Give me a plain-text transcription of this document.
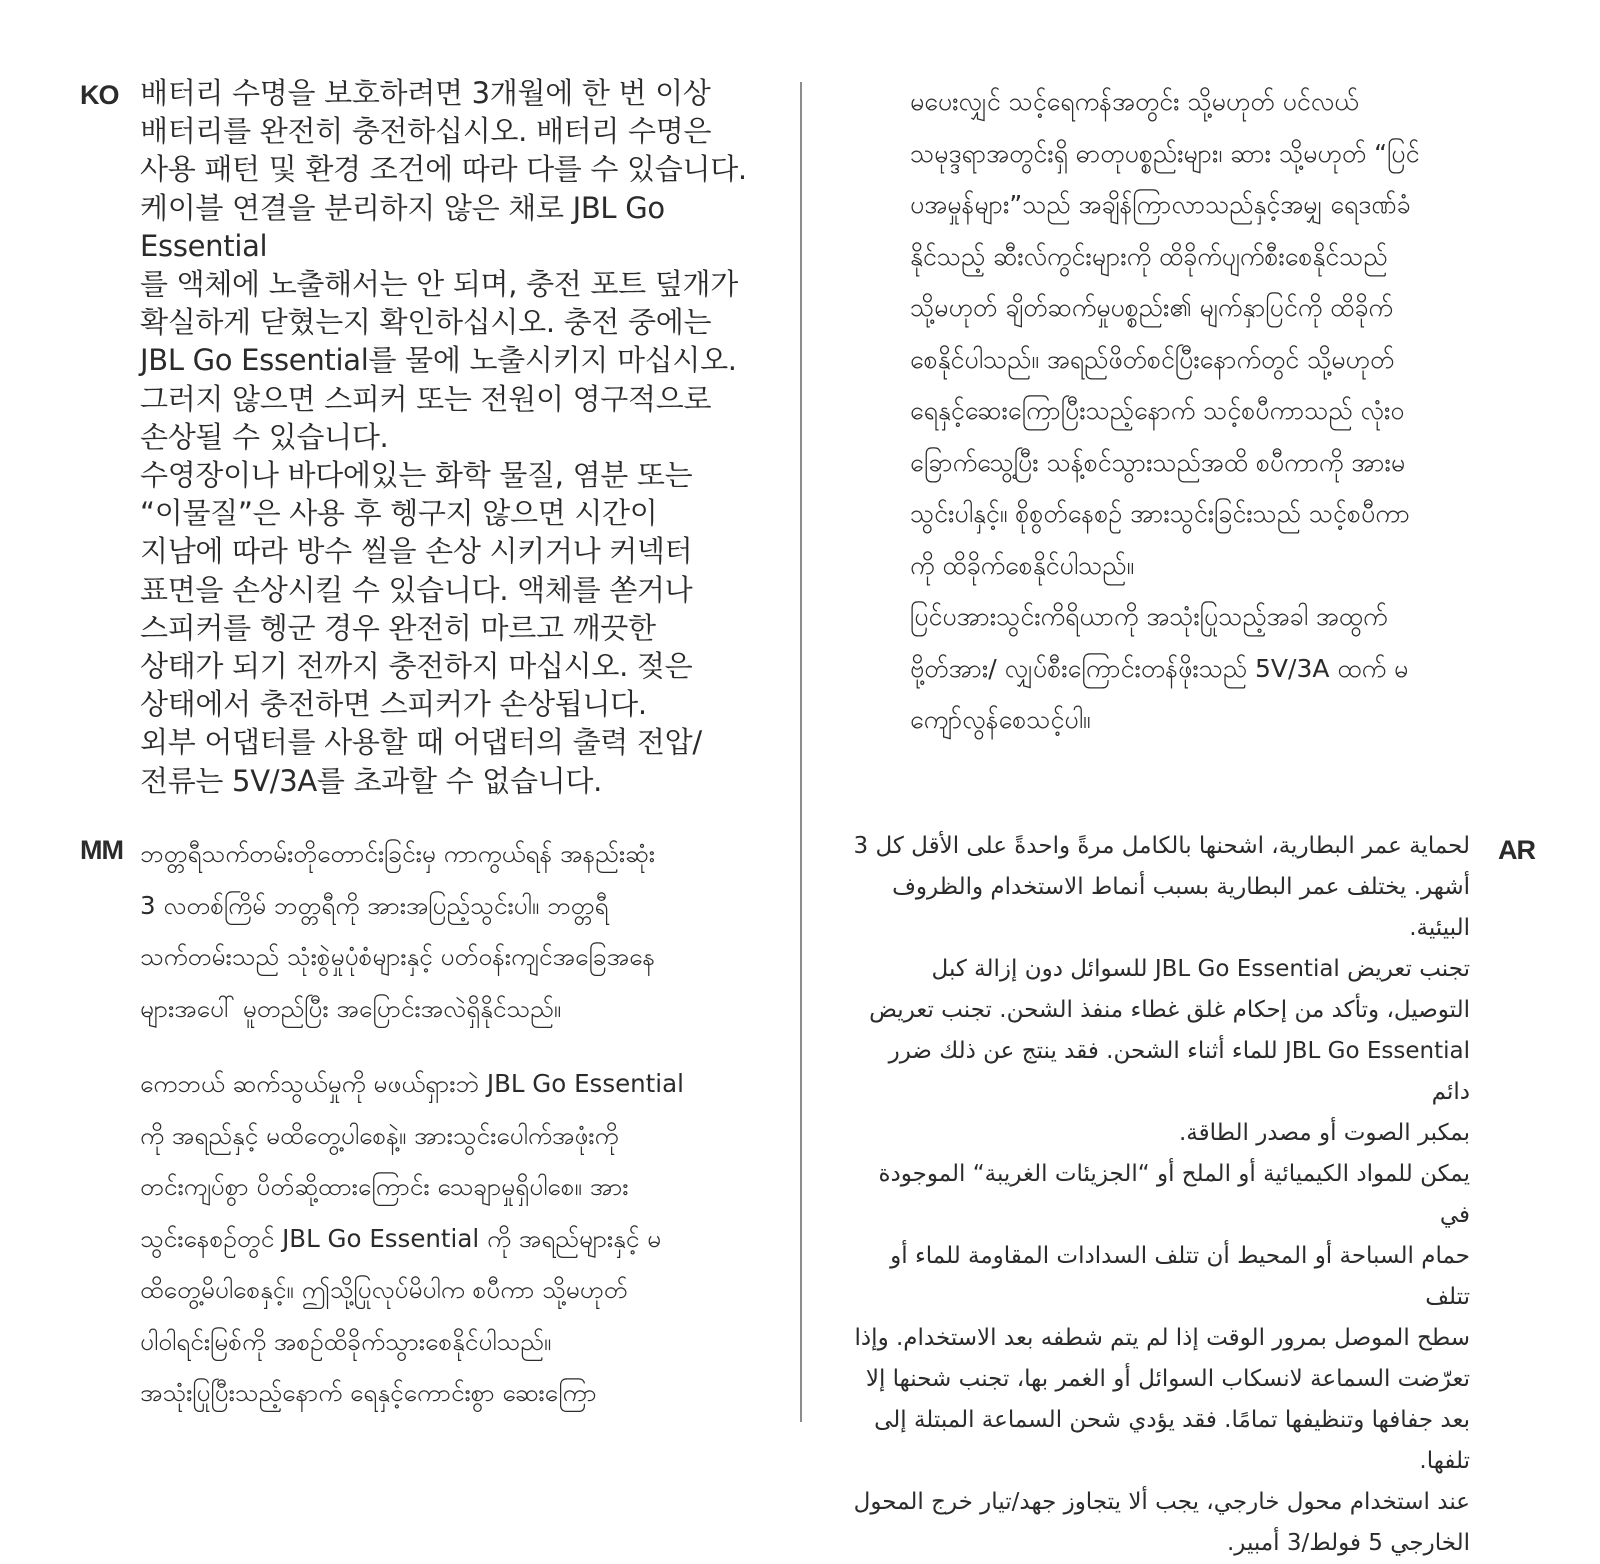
KO 배터리 수명을 보호하려면 3개월에 한 번 이상
배터리를 완전히 충전하십시오. 배터리 수명은
사용 패턴 및 환경 조건에 따라 다를 수 있습니다.
케이블 연결을 분리하지 않은 채로 JBL Go Essential
를 액체에 노출해서는 안 되며, 충전 포트 덮개가
확실하게 닫혔는지 확인하십시오. 충전 중에는
JBL Go Essential를 물에 노출시키지 마십시오.
그러지 않으면 스피커 또는 전원이 영구적으로
손상될 수 있습니다.
수영장이나 바다에있는 화학 물질, 염분 또는
“이물질”은 사용 후 헹구지 않으면 시간이
지남에 따라 방수 씰을 손상 시키거나 커넥터
표면을 손상시킬 수 있습니다. 액체를 쏟거나
스피커를 헹군 경우 완전히 마르고 깨끗한
상태가 되기 전까지 충전하지 마십시오. 젖은
상태에서 충전하면 스피커가 손상됩니다.
외부 어댑터를 사용할 때 어댑터의 출력 전압/
전류는 5V/3A를 초과할 수 없습니다.

မပေးလျှင် သင့်ရေကန်အတွင်း သို့မဟုတ် ပင်လယ်
သမုဒ္ဒရာအတွင်းရှိ ဓာတုပစ္စည်းများ၊ ဆား သို့မဟုတ် “ပြင်
ပအမှုန်များ”သည် အချိန်ကြာလာသည်နှင့်အမျှ ရေဒဏ်ခံ
နိုင်သည့် ဆီးလ်ကွင်းများကို ထိခိုက်ပျက်စီးစေနိုင်သည်
သို့မဟုတ် ချိတ်ဆက်မှုပစ္စည်း၏ မျက်နှာပြင်ကို ထိခိုက်
စေနိုင်ပါသည်။ အရည်ဖိတ်စင်ပြီးနောက်တွင် သို့မဟုတ်
ရေနှင့်ဆေးကြောပြီးသည့်နောက် သင့်စပီကာသည် လုံးဝ
ခြောက်သွေ့ပြီး သန့်စင်သွားသည်အထိ စပီကာကို အားမ
သွင်းပါနှင့်။ စိုစွတ်နေစဉ် အားသွင်းခြင်းသည် သင့်စပီကာ
ကို ထိခိုက်စေနိုင်ပါသည်။
ပြင်ပအားသွင်းကိရိယာကို အသုံးပြုသည့်အခါ အထွက်
ဗို့တ်အား/ လျှပ်စီးကြောင်းတန်ဖိုးသည် 5V/3A ထက် မ
ကျော်လွန်စေသင့်ပါ။

MM ဘတ္တရီသက်တမ်းတိုတောင်းခြင်းမှ ကာကွယ်ရန် အနည်းဆုံး
3 လတစ်ကြိမ် ဘတ္တရီကို အားအပြည့်သွင်းပါ။ ဘတ္တရီ
သက်တမ်းသည် သုံးစွဲမှုပုံစံများနှင့် ပတ်ဝန်းကျင်အခြေအနေ
များအပေါ် မူတည်ပြီး အပြောင်းအလဲရှိနိုင်သည်။

ကေဘယ် ဆက်သွယ်မှုကို မဖယ်ရှားဘဲ JBL Go Essential
ကို အရည်နှင့် မထိတွေ့ပါစေနဲ့။ အားသွင်းပေါက်အဖုံးကို
တင်းကျပ်စွာ ပိတ်ဆို့ထားကြောင်း သေချာမှုရှိပါစေ။ အား
သွင်းနေစဉ်တွင် JBL Go Essential ကို အရည်များနှင့် မ
ထိတွေ့မိပါစေနှင့်။ ဤသို့ပြုလုပ်မိပါက စပီကာ သို့မဟုတ်
ပါဝါရင်းမြစ်ကို အစဉ်ထိခိုက်သွားစေနိုင်ပါသည်။
အသုံးပြုပြီးသည့်နောက် ရေနှင့်ကောင်းစွာ ဆေးကြော

AR

لحماية عمر البطارية، اشحنها بالكامل مرةً واحدةً على الأقل كل 3
أشهر. يختلف عمر البطارية بسبب أنماط الاستخدام والظروف البيئية.
تجنب تعريض JBL Go Essential للسوائل دون إزالة كبل
التوصيل، وتأكد من إحكام غلق غطاء منفذ الشحن. تجنب تعريض
JBL Go Essential للماء أثناء الشحن. فقد ينتج عن ذلك ضرر دائم
بمكبر الصوت أو مصدر الطاقة.
يمكن للمواد الكيميائية أو الملح أو “الجزيئات الغريبة“ الموجودة في
حمام السباحة أو المحيط أن تتلف السدادات المقاومة للماء أو تتلف
سطح الموصل بمرور الوقت إذا لم يتم شطفه بعد الاستخدام. وإذا
تعرّضت السماعة لانسكاب السوائل أو الغمر بها، تجنب شحنها إلا
بعد جفافها وتنظيفها تمامًا. فقد يؤدي شحن السماعة المبتلة إلى تلفها.
عند استخدام محول خارجي، يجب ألا يتجاوز جهد/تيار خرج المحول
الخارجي 5 فولط/3 أمبير.
